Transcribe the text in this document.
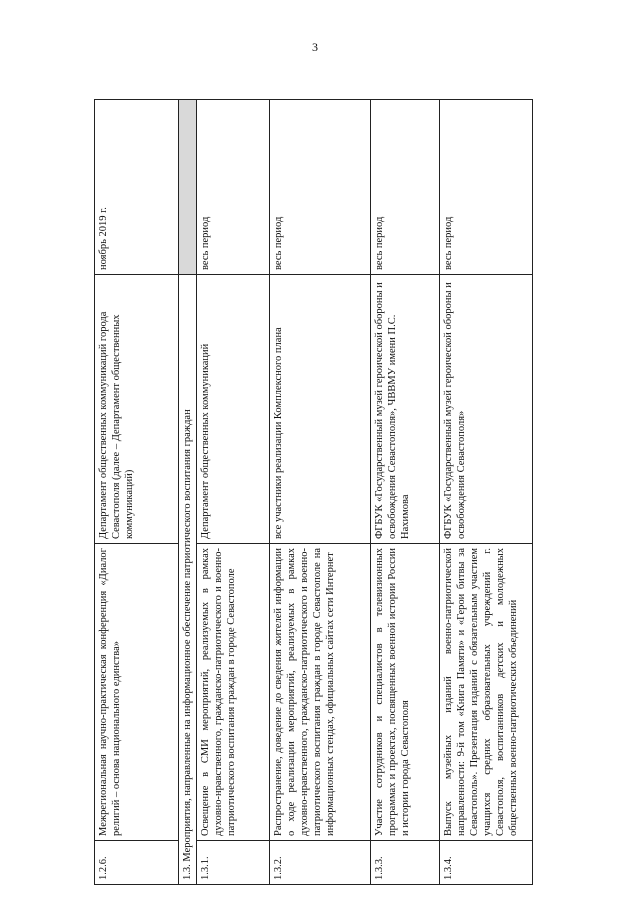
3
1.2.6.	Межрегиональная научно-практическая конференция «Диалог религий – основа национального единства»	Департамент общественных коммуникаций города Севастополя (далее – Департамент общественных коммуникаций)	ноябрь 2019 г.
1.3. Мероприятия, направленные на информационное обеспечение патриотического воспитания граждан			
1.3.1.	Освещение в СМИ мероприятий, реализуемых в рамках духовно-нравственного, гражданско-патриотического и военно-патриотического воспитания граждан в городе Севастополе	Департамент общественных коммуникаций	весь период
1.3.2.	Распространение, доведение до сведения жителей информации о ходе реализации мероприятий, реализуемых в рамках духовно-нравственного, гражданско-патриотического и военно-патриотического воспитания граждан в городе Севастополе на информационных стендах, официальных сайтах сети Интернет	все участники реализации Комплексного плана	весь период
1.3.3.	Участие сотрудников и специалистов в телевизионных программах и проектах, посвященных военной истории России и истории города Севастополя	ФГБУК «Государственный музей героической обороны и освобождения Севастополя», ЧВВМУ имени П.С. Нахимова	весь период
1.3.4.	Выпуск музейных изданий военно-патриотической направленности: 9-й том «Книга Памяти» и «Герои битвы за Севастополь». Презентация изданий с обязательным участием учащихся средних образовательных учреждений г. Севастополя, воспитанников детских и молодежных общественных военно-патриотических объединений	ФГБУК «Государственный музей героической обороны и освобождения Севастополя»	весь период
